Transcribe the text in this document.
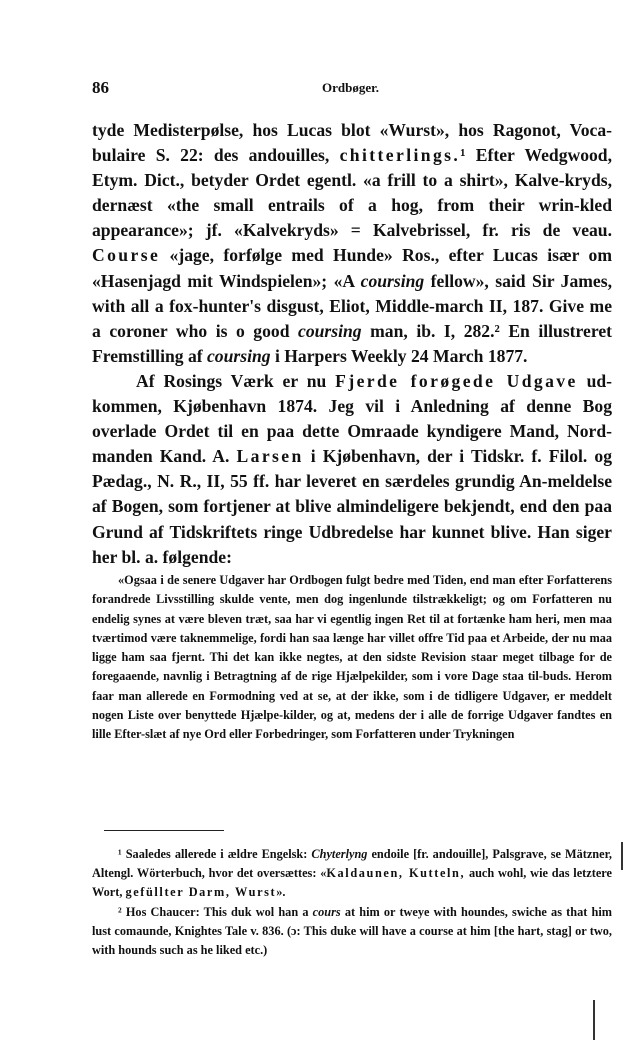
86	Ordbøger.

tyde Medisterpølse, hos Lucas blot «Wurst», hos Ragonot, Voca-bulaire S. 22: des andouilles, chitterlings.¹ Efter Wedgwood, Etym. Dict., betyder Ordet egentl. «a frill to a shirt», Kalve-kryds, dernæst «the small entrails of a hog, from their wrin-kled appearance»; jf. «Kalvekryds» = Kalvebrissel, fr. ris de veau. Course «jage, forfølge med Hunde» Ros., efter Lucas især om «Hasenjagd mit Windspielen»; «A coursing fellow», said Sir James, with all a fox-hunter's disgust, Eliot, Middle-march II, 187. Give me a coroner who is o good coursing man, ib. I, 282.² En illustreret Fremstilling af coursing i Harpers Weekly 24 March 1877.

Af Rosings Værk er nu Fjerde forøgede Udgave ud-kommen, Kjøbenhavn 1874. Jeg vil i Anledning af denne Bog overlade Ordet til en paa dette Omraade kyndigere Mand, Nord-manden Kand. A. Larsen i Kjøbenhavn, der i Tidskr. f. Filol. og Pædag., N. R., II, 55 ff. har leveret en særdeles grundig An-meldelse af Bogen, som fortjener at blive almindeligere bekjendt, end den paa Grund af Tidskriftets ringe Udbredelse har kunnet blive. Han siger her bl. a. følgende:

«Ogsaa i de senere Udgaver har Ordbogen fulgt bedre med Tiden, end man efter Forfatterens forandrede Livsstilling skulde vente, men dog ingenlunde tilstrækkeligt; og om Forfatteren nu endelig synes at være bleven træt, saa har vi egentlig ingen Ret til at fortænke ham heri, men maa tværtimod være taknemmelige, fordi han saa længe har villet offre Tid paa et Arbeide, der nu maa ligge ham saa fjernt. Thi det kan ikke negtes, at den sidste Revision staar meget tilbage for de foregaaende, navnlig i Betragtning af de rige Hjælpekilder, som i vore Dage staa til-buds. Herom faar man allerede en Formodning ved at se, at der ikke, som i de tidligere Udgaver, er meddelt nogen Liste over benyttede Hjælpe-kilder, og at, medens der i alle de forrige Udgaver fandtes en lille Efter-slæt af nye Ord eller Forbedringer, som Forfatteren under Trykningen

¹ Saaledes allerede i ældre Engelsk: Chyterlyng endoile [fr. andouille], Palsgrave, se Mätzner, Altengl. Wörterbuch, hvor det oversættes: «Kaldaunen, Kutteln, auch wohl, wie das letztere Wort, gefüllter Darm, Wurst».

² Hos Chaucer: This duk wol han a cours at him or tweye with houndes, swiche as that him lust comaunde, Knightes Tale v. 836. (ɔ: This duke will have a course at him [the hart, stag] or two, with hounds such as he liked etc.)
